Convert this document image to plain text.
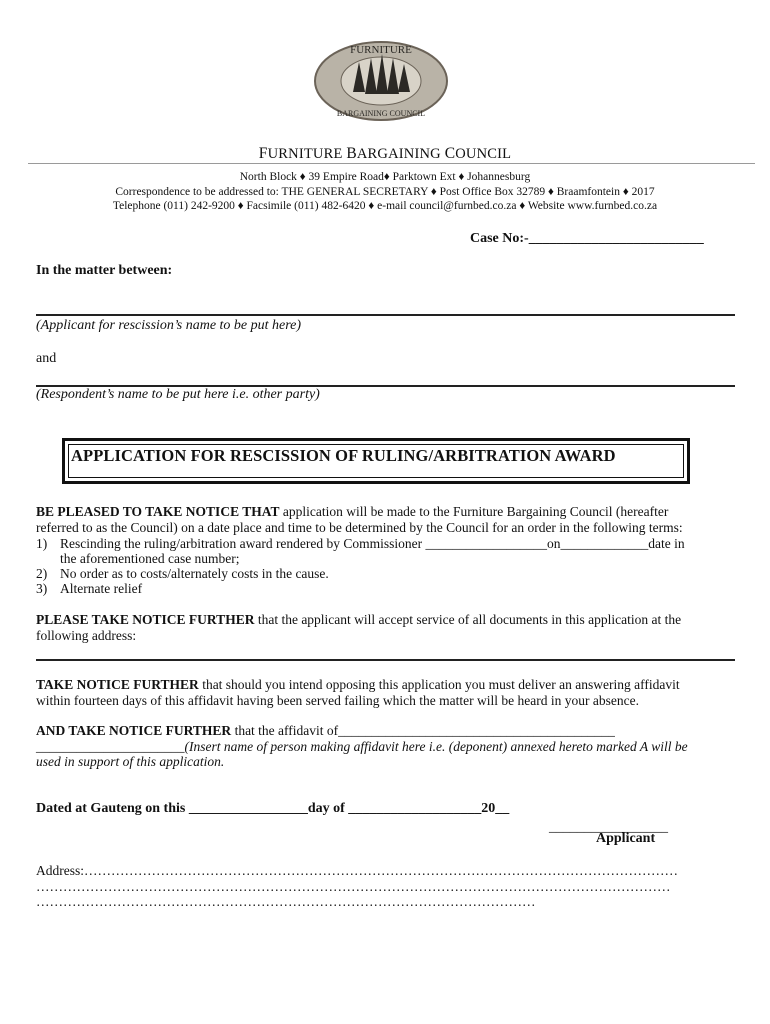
FURNITURE
BARGAINING COUNCIL
FURNITURE BARGAINING COUNCIL
North Block ♦ 39 Empire Road♦ Parktown Ext ♦ Johannesburg
Correspondence to be addressed to: THE GENERAL SECRETARY ♦ Post Office Box 32789 ♦ Braamfontein ♦ 2017
Telephone (011) 242-9200 ♦ Facsimile (011) 482-6420 ♦ e-mail council@furnbed.co.za ♦ Website www.furnbed.co.za
Case No:-_________________________
In the matter between:
(Applicant for rescission’s name to be put here)
and
(Respondent’s name to be put here i.e. other party)
APPLICATION FOR RESCISSION OF RULING/ARBITRATION AWARD
BE PLEASED TO TAKE NOTICE THAT application will be made to the Furniture Bargaining Council (hereafter
referred to as the Council) on a date place and time to be determined by the Council for an order in the following terms:
1) Rescinding the ruling/arbitration award rendered by Commissioner __________________on_____________date in
the aforementioned case number;
2) No order as to costs/alternately costs in the cause.
3) Alternate relief
PLEASE TAKE NOTICE FURTHER that the applicant will accept service of all documents in this application at the
following address:
TAKE NOTICE FURTHER that should you intend opposing this application you must deliver an answering affidavit
within fourteen days of this affidavit having been served failing which the matter will be heard in your absence.
AND TAKE NOTICE FURTHER that the affidavit of_________________________________________
______________________(Insert name of person making affidavit here i.e. (deponent) annexed hereto marked A will be
used in support of this application.
Dated at Gauteng on this _________________day of ___________________20__
_________________
Applicant
Address:……………………………………………………………………………………………………………………
……………………………………………………………………………………………………………………………
…………………………………………………………………………………………………
